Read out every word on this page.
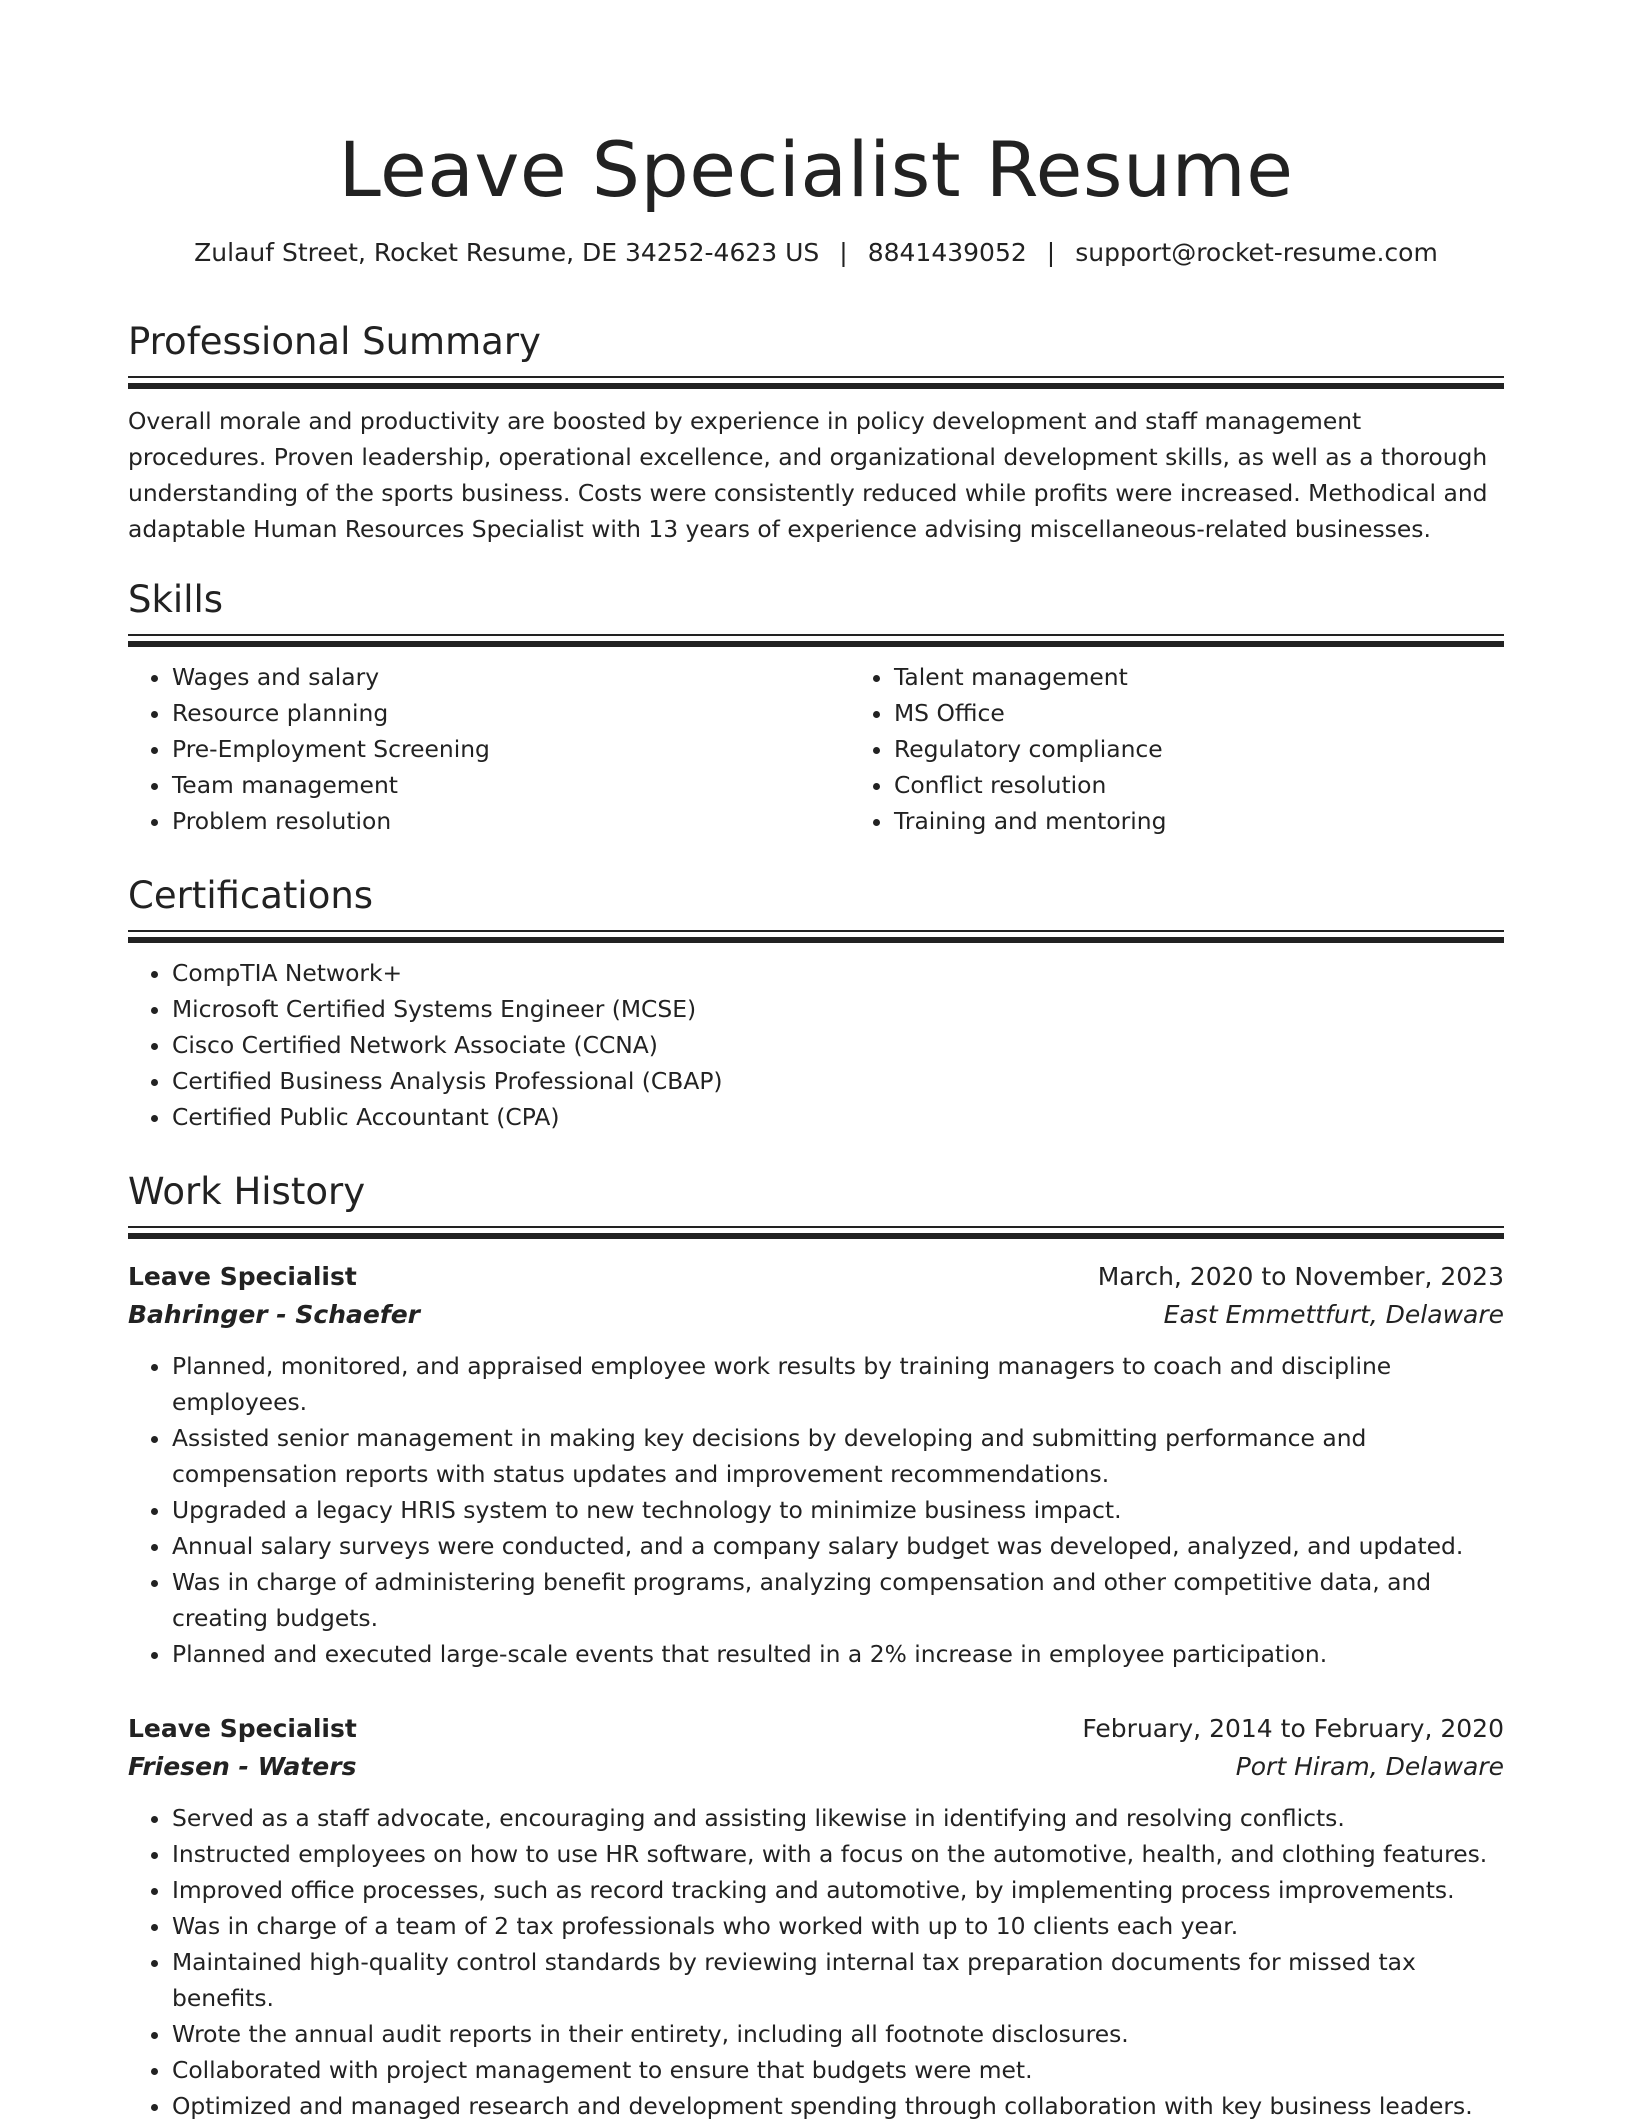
Leave Specialist Resume
Zulauf Street, Rocket Resume, DE 34252-4623 US | 8841439052 | support@rocket-resume.com
Professional Summary
Overall morale and productivity are boosted by experience in policy development and staff management procedures. Proven leadership, operational excellence, and organizational development skills, as well as a thorough understanding of the sports business. Costs were consistently reduced while profits were increased. Methodical and adaptable Human Resources Specialist with 13 years of experience advising miscellaneous-related businesses.
Skills
• Wages and salary
• Resource planning
• Pre-Employment Screening
• Team management
• Problem resolution
• Talent management
• MS Office
• Regulatory compliance
• Conflict resolution
• Training and mentoring
Certifications
• CompTIA Network+
• Microsoft Certified Systems Engineer (MCSE)
• Cisco Certified Network Associate (CCNA)
• Certified Business Analysis Professional (CBAP)
• Certified Public Accountant (CPA)
Work History
Leave Specialist	March, 2020 to November, 2023
Bahringer - Schaefer	East Emmettfurt, Delaware
• Planned, monitored, and appraised employee work results by training managers to coach and discipline employees.
• Assisted senior management in making key decisions by developing and submitting performance and compensation reports with status updates and improvement recommendations.
• Upgraded a legacy HRIS system to new technology to minimize business impact.
• Annual salary surveys were conducted, and a company salary budget was developed, analyzed, and updated.
• Was in charge of administering benefit programs, analyzing compensation and other competitive data, and creating budgets.
• Planned and executed large-scale events that resulted in a 2% increase in employee participation.
Leave Specialist	February, 2014 to February, 2020
Friesen - Waters	Port Hiram, Delaware
• Served as a staff advocate, encouraging and assisting likewise in identifying and resolving conflicts.
• Instructed employees on how to use HR software, with a focus on the automotive, health, and clothing features.
• Improved office processes, such as record tracking and automotive, by implementing process improvements.
• Was in charge of a team of 2 tax professionals who worked with up to 10 clients each year.
• Maintained high-quality control standards by reviewing internal tax preparation documents for missed tax benefits.
• Wrote the annual audit reports in their entirety, including all footnote disclosures.
• Collaborated with project management to ensure that budgets were met.
• Optimized and managed research and development spending through collaboration with key business leaders.
